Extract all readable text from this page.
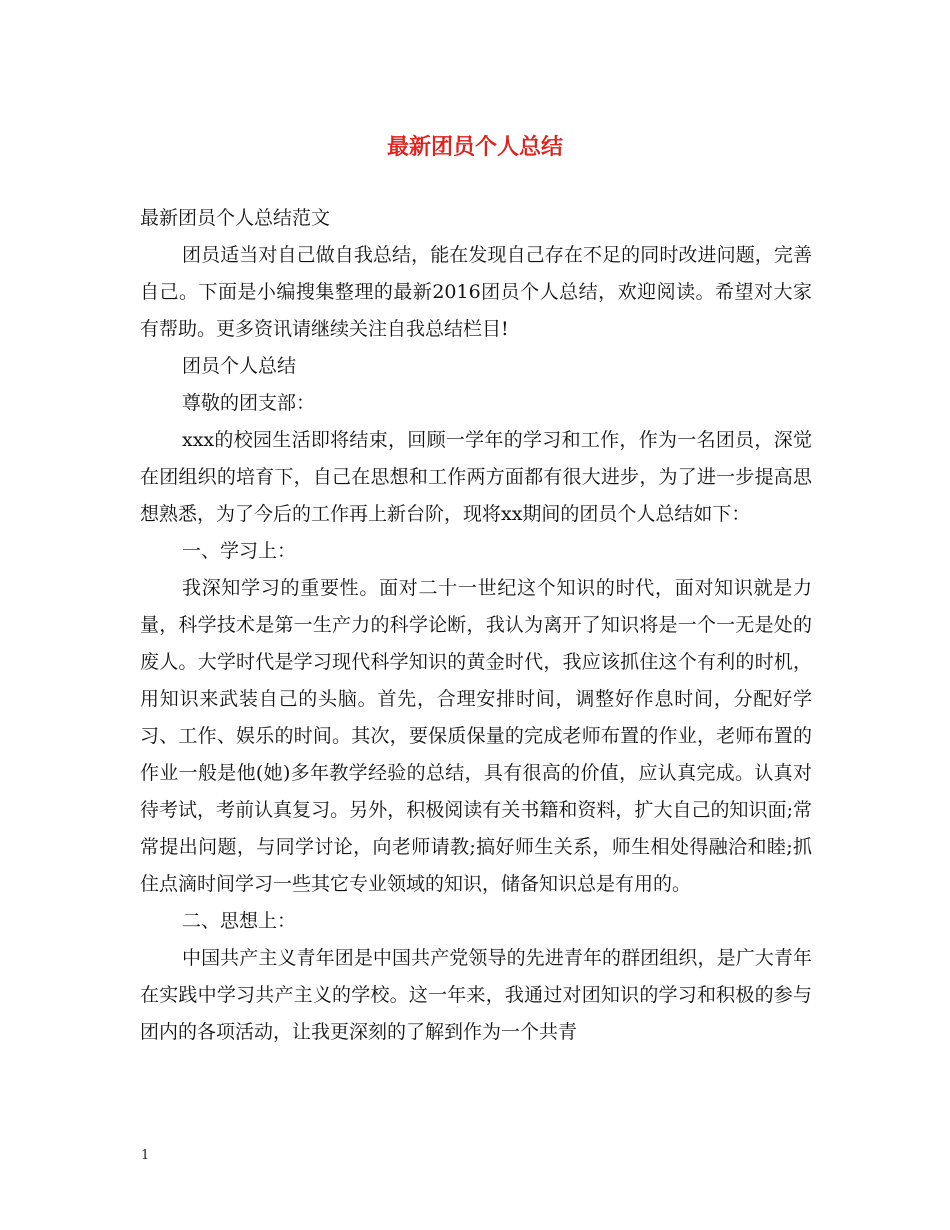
最新团员个人总结

最新团员个人总结范文

团员适当对自己做自我总结，能在发现自己存在不足的同时改进问题，完善自己。下面是小编搜集整理的最新2016团员个人总结，欢迎阅读。希望对大家有帮助。更多资讯请继续关注自我总结栏目!

团员个人总结

尊敬的团支部：

xxx的校园生活即将结束，回顾一学年的学习和工作，作为一名团员，深觉在团组织的培育下，自己在思想和工作两方面都有很大进步，为了进一步提高思想熟悉，为了今后的工作再上新台阶，现将xx期间的团员个人总结如下：

一、学习上：

我深知学习的重要性。面对二十一世纪这个知识的时代，面对知识就是力量，科学技术是第一生产力的科学论断，我认为离开了知识将是一个一无是处的废人。大学时代是学习现代科学知识的黄金时代，我应该抓住这个有利的时机，用知识来武装自己的头脑。首先，合理安排时间，调整好作息时间，分配好学习、工作、娱乐的时间。其次，要保质保量的完成老师布置的作业，老师布置的作业一般是他(她)多年教学经验的总结，具有很高的价值，应认真完成。认真对待考试，考前认真复习。另外，积极阅读有关书籍和资料，扩大自己的知识面;常常提出问题，与同学讨论，向老师请教;搞好师生关系，师生相处得融洽和睦;抓住点滴时间学习一些其它专业领域的知识，储备知识总是有用的。

二、思想上：

中国共产主义青年团是中国共产党领导的先进青年的群团组织，是广大青年在实践中学习共产主义的学校。这一年来，我通过对团知识的学习和积极的参与团内的各项活动，让我更深刻的了解到作为一个共青

1
